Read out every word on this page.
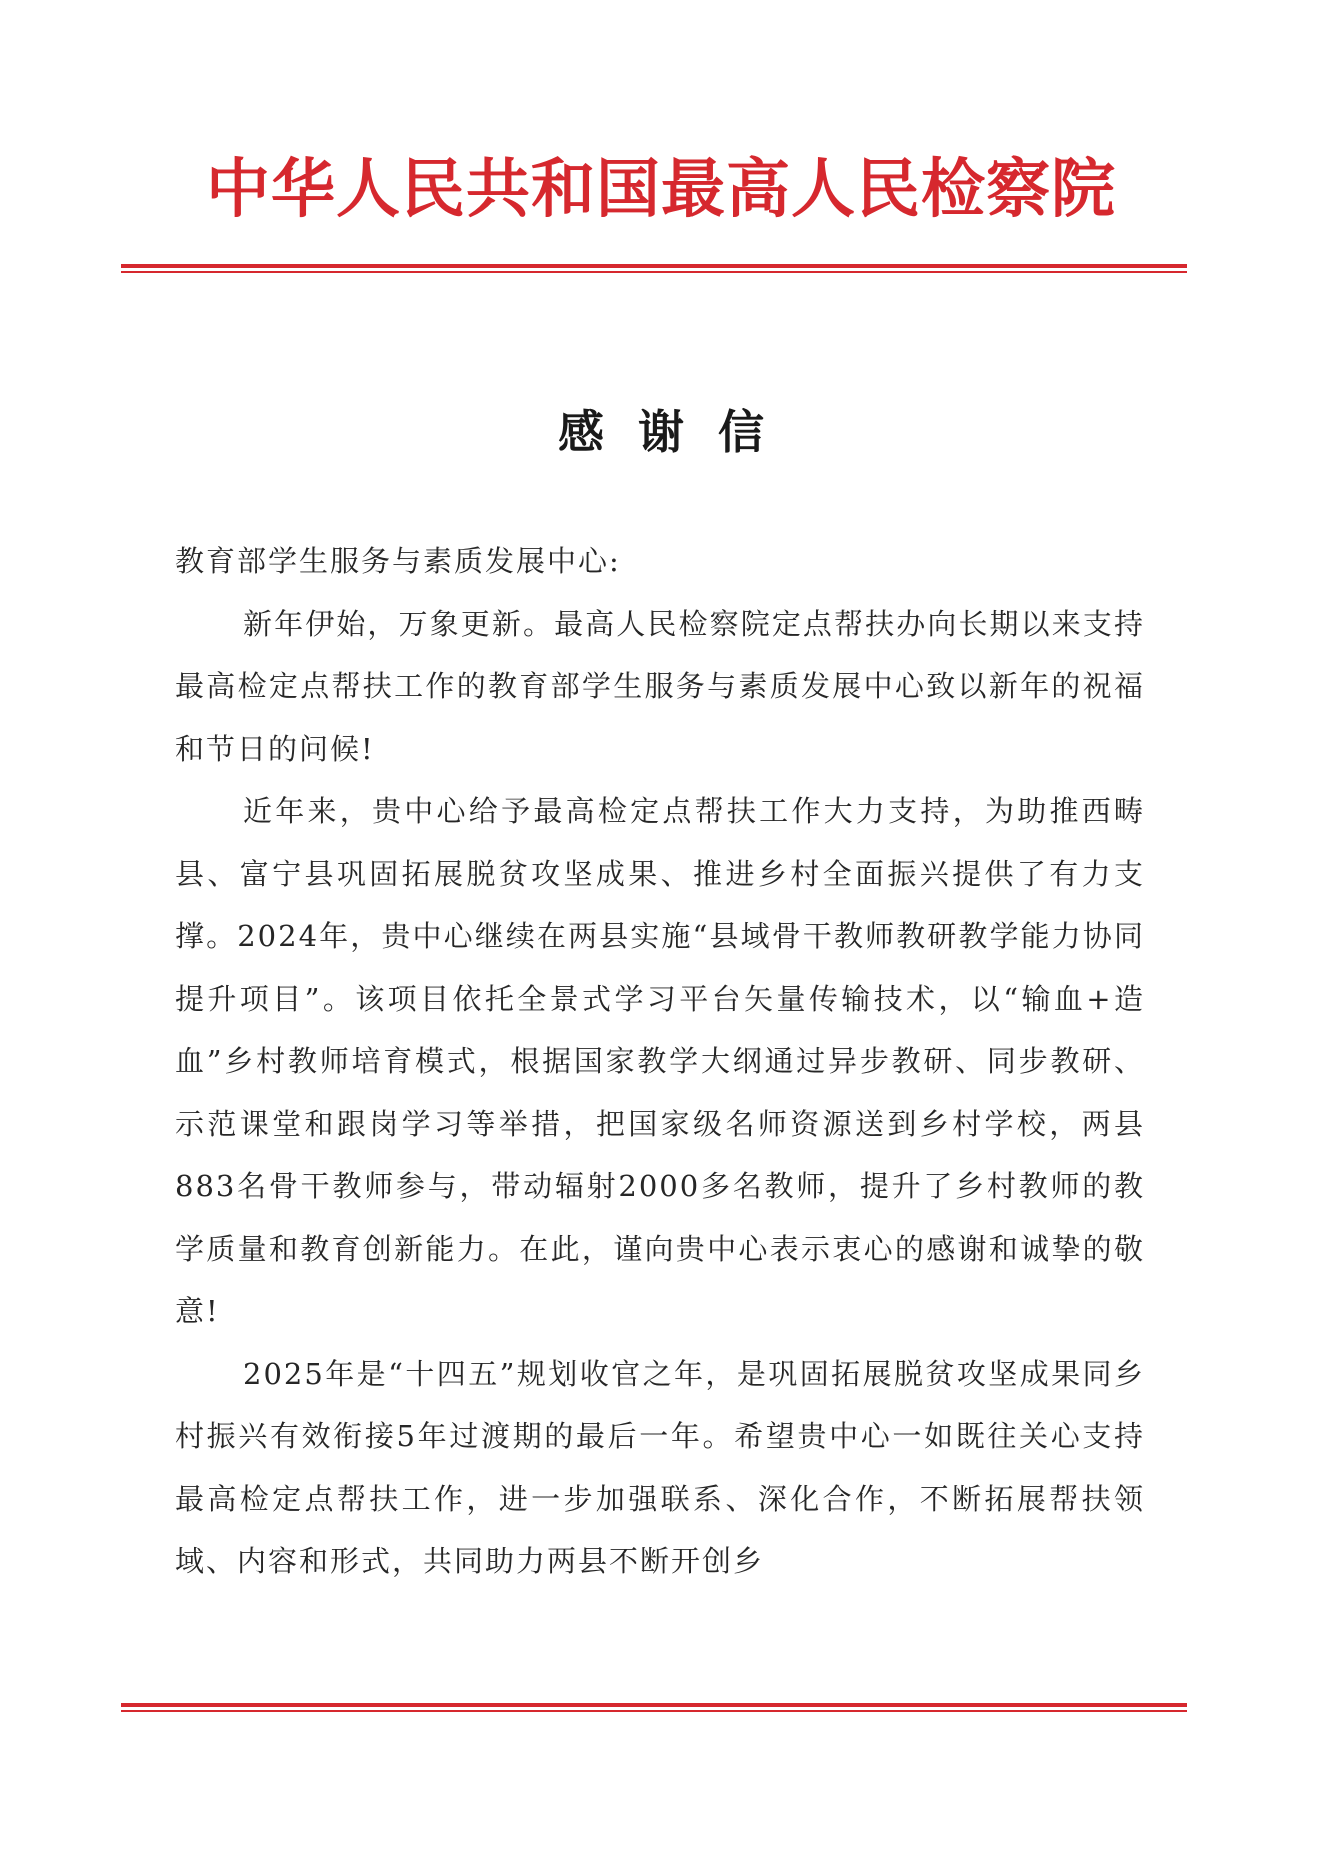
中华人民共和国最高人民检察院
感谢信

教育部学生服务与素质发展中心:

新年伊始，万象更新。最高人民检察院定点帮扶办向长期以来支持最高检定点帮扶工作的教育部学生服务与素质发展中心致以新年的祝福和节日的问候!

近年来，贵中心给予最高检定点帮扶工作大力支持，为助推西畴县、富宁县巩固拓展脱贫攻坚成果、推进乡村全面振兴提供了有力支撑。2024年，贵中心继续在两县实施“县域骨干教师教研教学能力协同提升项目”。该项目依托全景式学习平台矢量传输技术，以“输血+造血”乡村教师培育模式，根据国家教学大纲通过异步教研、同步教研、示范课堂和跟岗学习等举措，把国家级名师资源送到乡村学校，两县883名骨干教师参与，带动辐射2000多名教师，提升了乡村教师的教学质量和教育创新能力。在此，谨向贵中心表示衷心的感谢和诚挚的敬意!

2025年是“十四五”规划收官之年，是巩固拓展脱贫攻坚成果同乡村振兴有效衔接5年过渡期的最后一年。希望贵中心一如既往关心支持最高检定点帮扶工作，进一步加强联系、深化合作，不断拓展帮扶领域、内容和形式，共同助力两县不断开创乡
